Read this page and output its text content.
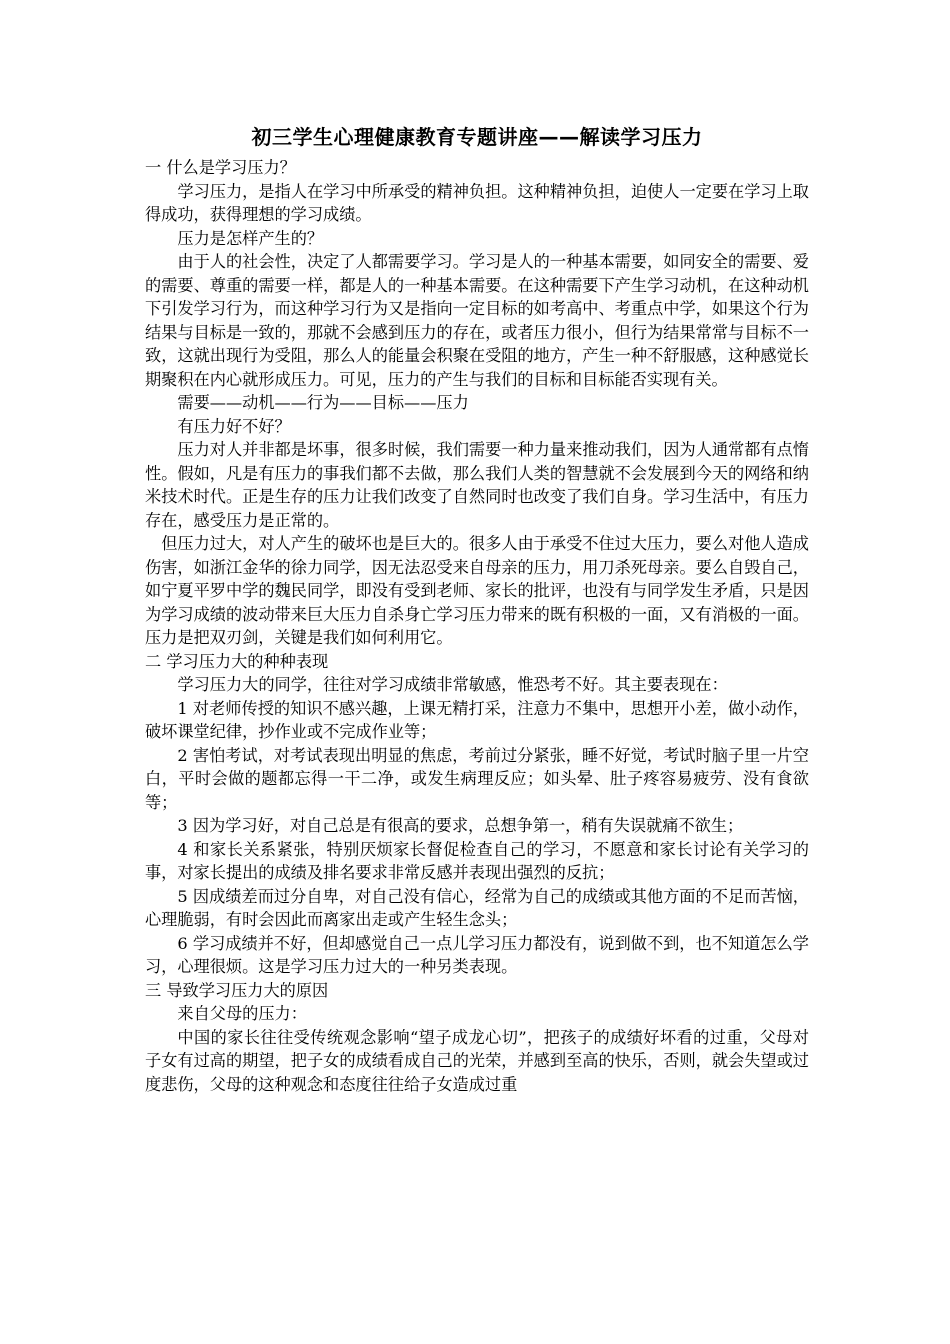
初三学生心理健康教育专题讲座——解读学习压力

一 什么是学习压力？

学习压力，是指人在学习中所承受的精神负担。这种精神负担，迫使人一定要在学习上取得成功，获得理想的学习成绩。

压力是怎样产生的？

由于人的社会性，决定了人都需要学习。学习是人的一种基本需要，如同安全的需要、爱的需要、尊重的需要一样，都是人的一种基本需要。在这种需要下产生学习动机，在这种动机下引发学习行为，而这种学习行为又是指向一定目标的如考高中、考重点中学，如果这个行为结果与目标是一致的，那就不会感到压力的存在，或者压力很小，但行为结果常常与目标不一致，这就出现行为受阻，那么人的能量会积聚在受阻的地方，产生一种不舒服感，这种感觉长期聚积在内心就形成压力。可见，压力的产生与我们的目标和目标能否实现有关。

需要——动机——行为——目标——压力

有压力好不好？

压力对人并非都是坏事，很多时候，我们需要一种力量来推动我们，因为人通常都有点惰性。假如，凡是有压力的事我们都不去做，那么我们人类的智慧就不会发展到今天的网络和纳米技术时代。正是生存的压力让我们改变了自然同时也改变了我们自身。学习生活中，有压力存在，感受压力是正常的。

但压力过大，对人产生的破坏也是巨大的。很多人由于承受不住过大压力，要么对他人造成伤害，如浙江金华的徐力同学，因无法忍受来自母亲的压力，用刀杀死母亲。要么自毁自己，如宁夏平罗中学的魏民同学，即没有受到老师、家长的批评，也没有与同学发生矛盾，只是因为学习成绩的波动带来巨大压力自杀身亡学习压力带来的既有积极的一面，又有消极的一面。压力是把双刃剑，关键是我们如何利用它。

二 学习压力大的种种表现

学习压力大的同学，往往对学习成绩非常敏感，惟恐考不好。其主要表现在：

1 对老师传授的知识不感兴趣，上课无精打采，注意力不集中，思想开小差，做小动作，破坏课堂纪律，抄作业或不完成作业等；

2 害怕考试，对考试表现出明显的焦虑，考前过分紧张，睡不好觉，考试时脑子里一片空白，平时会做的题都忘得一干二净，或发生病理反应；如头晕、肚子疼容易疲劳、没有食欲等；

3 因为学习好，对自己总是有很高的要求，总想争第一，稍有失误就痛不欲生；

4 和家长关系紧张，特别厌烦家长督促检查自己的学习，不愿意和家长讨论有关学习的事，对家长提出的成绩及排名要求非常反感并表现出强烈的反抗；

5 因成绩差而过分自卑，对自己没有信心，经常为自己的成绩或其他方面的不足而苦恼，心理脆弱，有时会因此而离家出走或产生轻生念头；

6 学习成绩并不好，但却感觉自己一点儿学习压力都没有，说到做不到，也不知道怎么学习，心理很烦。这是学习压力过大的一种另类表现。

三 导致学习压力大的原因

来自父母的压力：

中国的家长往往受传统观念影响“望子成龙心切”，把孩子的成绩好坏看的过重，父母对子女有过高的期望，把子女的成绩看成自己的光荣，并感到至高的快乐，否则，就会失望或过度悲伤，父母的这种观念和态度往往给子女造成过重
